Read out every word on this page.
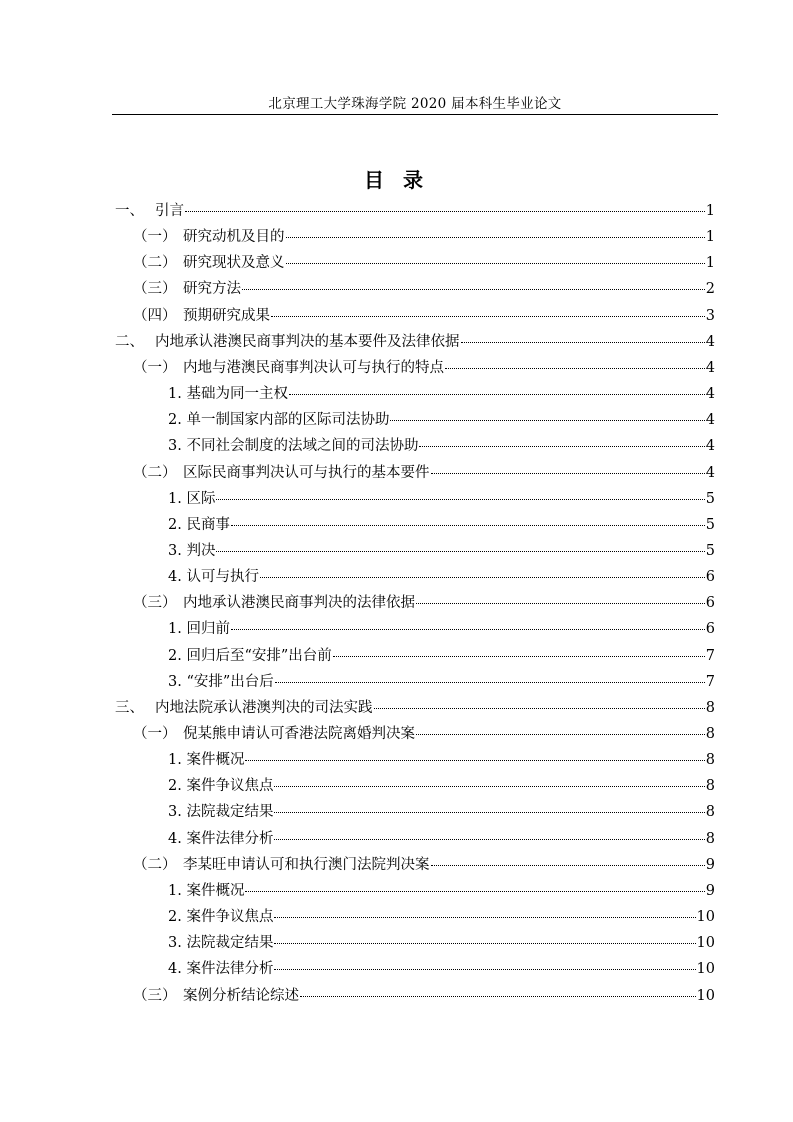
北京理工大学珠海学院 2020 届本科生毕业论文
目 录
一、 引言	1
（一） 研究动机及目的	1
（二） 研究现状及意义	1
（三） 研究方法	2
（四） 预期研究成果	3
二、 内地承认港澳民商事判决的基本要件及法律依据	4
（一） 内地与港澳民商事判决认可与执行的特点	4
1. 基础为同一主权	4
2. 单一制国家内部的区际司法协助	4
3. 不同社会制度的法域之间的司法协助	4
（二） 区际民商事判决认可与执行的基本要件	4
1. 区际	5
2. 民商事	5
3. 判决	5
4. 认可与执行	6
（三） 内地承认港澳民商事判决的法律依据	6
1. 回归前	6
2. 回归后至“安排”出台前	7
3. “安排”出台后	7
三、 内地法院承认港澳判决的司法实践	8
（一） 倪某熊申请认可香港法院离婚判决案	8
1. 案件概况	8
2. 案件争议焦点	8
3. 法院裁定结果	8
4. 案件法律分析	8
（二） 李某旺申请认可和执行澳门法院判决案	9
1. 案件概况	9
2. 案件争议焦点	10
3. 法院裁定结果	10
4. 案件法律分析	10
（三） 案例分析结论综述	10
